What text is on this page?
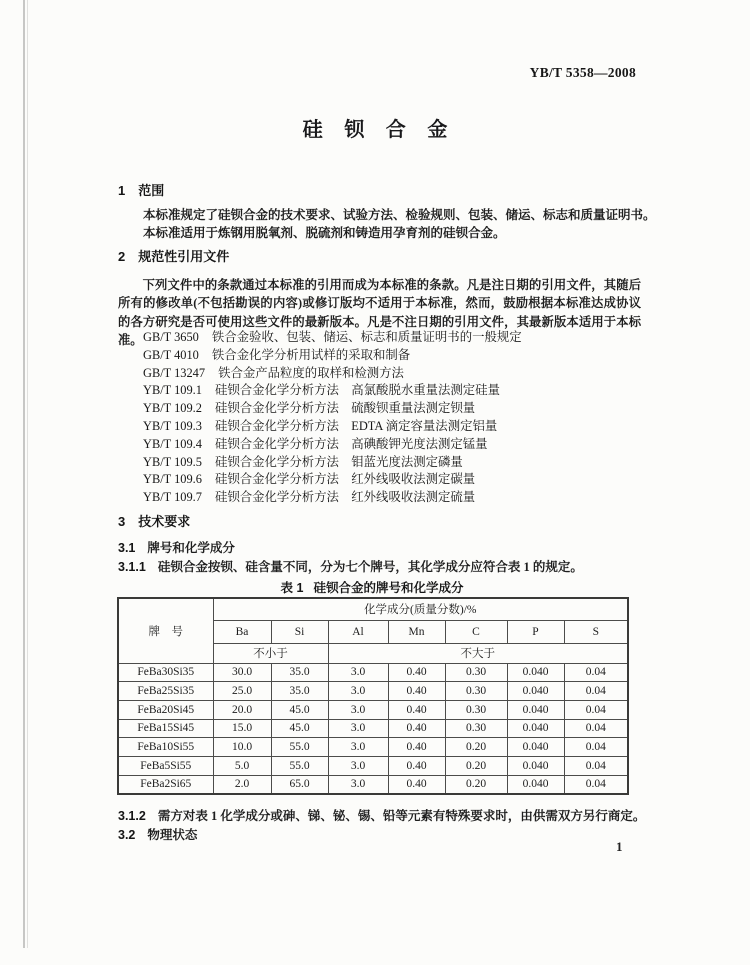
YB/T 5358—2008
硅 钡 合 金
1 范围
本标准规定了硅钡合金的技术要求、试验方法、检验规则、包装、储运、标志和质量证明书。
本标准适用于炼钢用脱氧剂、脱硫剂和铸造用孕育剂的硅钡合金。
2 规范性引用文件
下列文件中的条款通过本标准的引用而成为本标准的条款。凡是注日期的引用文件，其随后所有的修改单(不包括勘误的内容)或修订版均不适用于本标准，然而，鼓励根据本标准达成协议的各方研究是否可使用这些文件的最新版本。凡是不注日期的引用文件，其最新版本适用于本标准。 GB/T 3650 铁合金验收、包装、储运、标志和质量证明书的一般规定
GB/T 4010 铁合金化学分析用试样的采取和制备
GB/T 13247 铁合金产品粒度的取样和检测方法
YB/T 109.1 硅钡合金化学分析方法　高氯酸脱水重量法测定硅量
YB/T 109.2 硅钡合金化学分析方法　硫酸钡重量法测定钡量
YB/T 109.3 硅钡合金化学分析方法　EDTA 滴定容量法测定铝量
YB/T 109.4 硅钡合金化学分析方法　高碘酸钾光度法测定锰量
YB/T 109.5 硅钡合金化学分析方法　钼蓝光度法测定磷量
YB/T 109.6 硅钡合金化学分析方法　红外线吸收法测定碳量
YB/T 109.7 硅钡合金化学分析方法　红外线吸收法测定硫量
3 技术要求
3.1 牌号和化学成分
3.1.1 硅钡合金按钡、硅含量不同，分为七个牌号，其化学成分应符合表 1 的规定。
表 1 硅钡合金的牌号和化学成分
牌　号	化学成分(质量分数)/%						
	Ba	Si	Al	Mn	C	P	S
	不小于		不大于				
FeBa30Si35	30.0	35.0	3.0	0.40	0.30	0.040	0.04
FeBa25Si35	25.0	35.0	3.0	0.40	0.30	0.040	0.04
FeBa20Si45	20.0	45.0	3.0	0.40	0.30	0.040	0.04
FeBa15Si45	15.0	45.0	3.0	0.40	0.30	0.040	0.04
FeBa10Si55	10.0	55.0	3.0	0.40	0.20	0.040	0.04
FeBa5Si55	5.0	55.0	3.0	0.40	0.20	0.040	0.04
FeBa2Si65	2.0	65.0	3.0	0.40	0.20	0.040	0.04
3.1.2 需方对表 1 化学成分或砷、锑、铋、锡、铅等元素有特殊要求时，由供需双方另行商定。
3.2 物理状态
1
